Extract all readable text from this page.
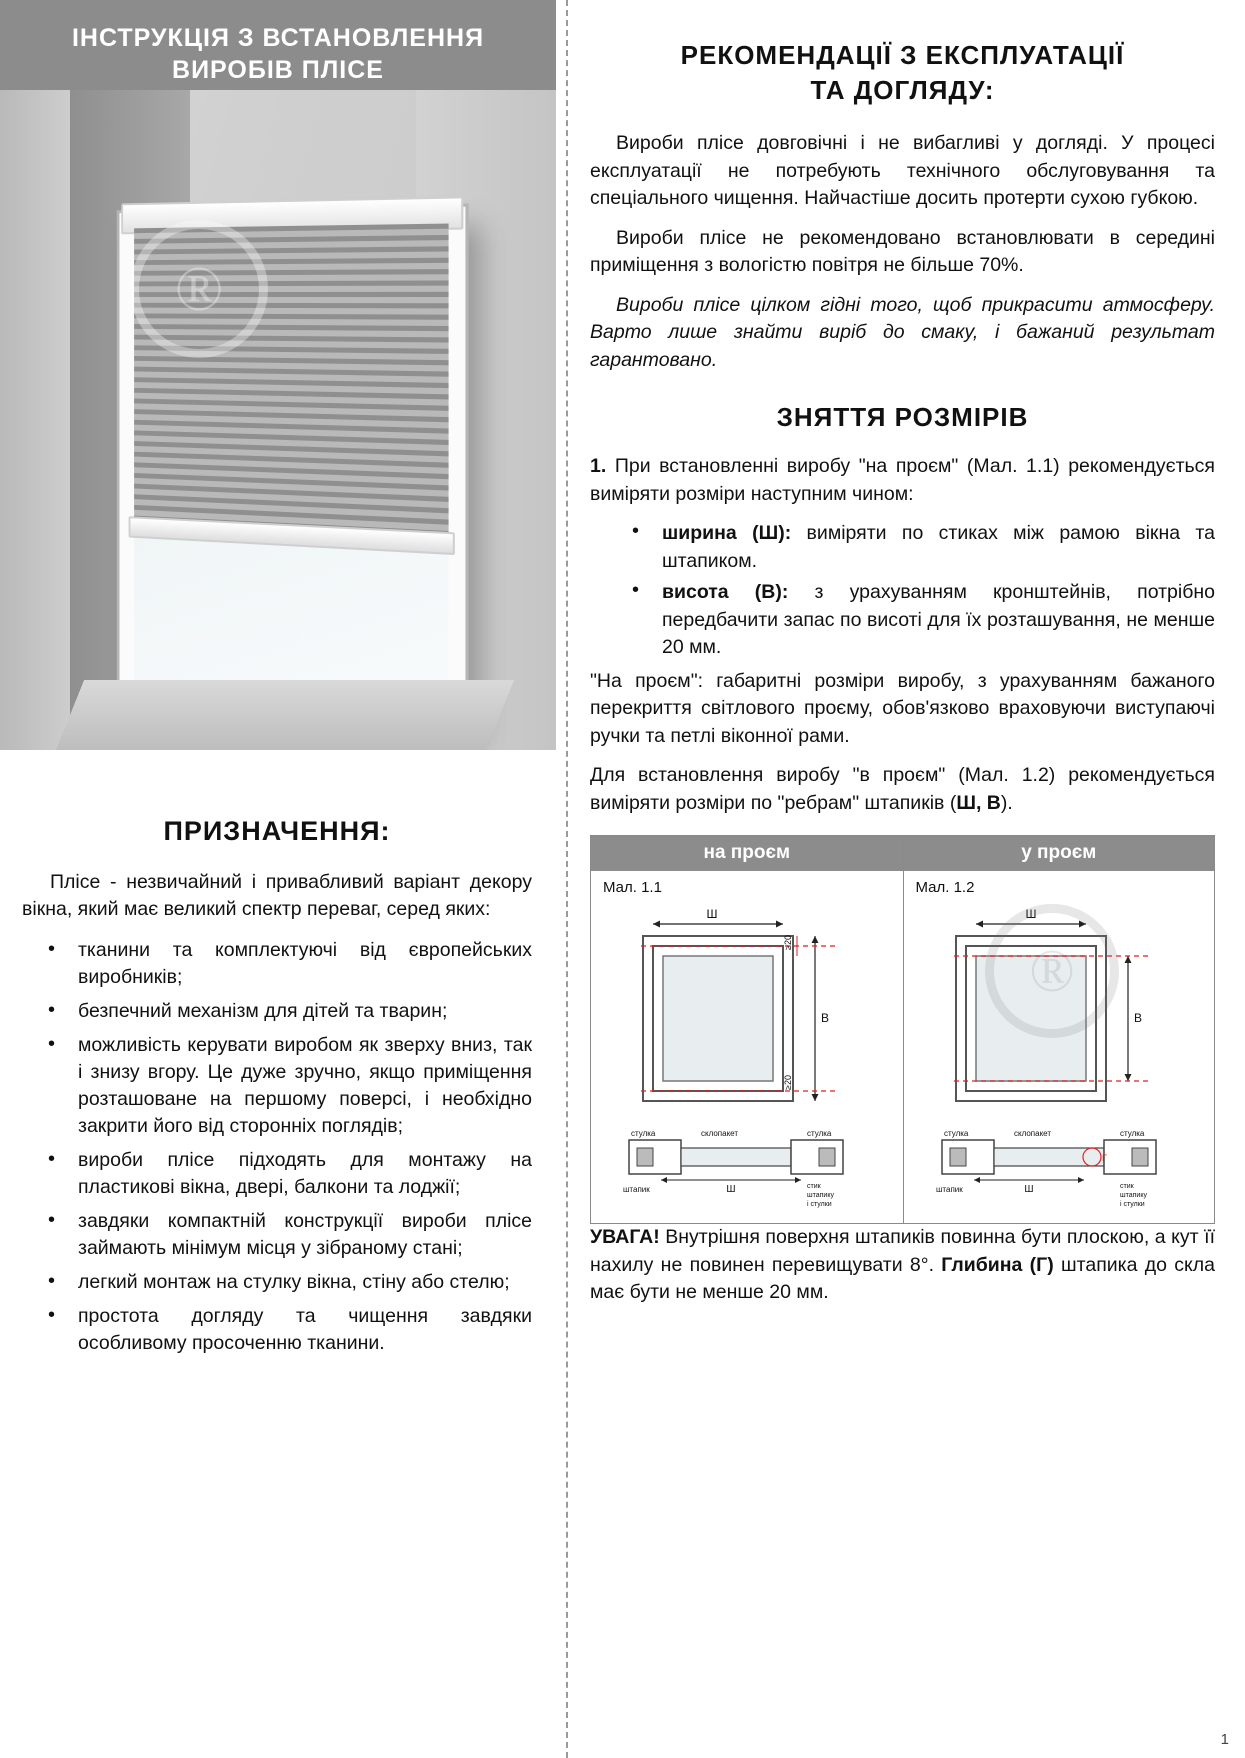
ІНСТРУКЦІЯ З ВСТАНОВЛЕННЯ
ВИРОБІВ ПЛІСЕ
®
ПРИЗНАЧЕННЯ:

Пліcе - незвичайний і привабливий варіант декору вікна, який має великий спектр переваг, серед яких:

• тканини та комплектуючі від європейських виробників;
• безпечний механізм для дітей та тварин;
• можливість керувати виробом як зверху вниз, так і знизу вгору. Це дуже зручно, якщо приміщення розташоване на першому поверсі, і необхідно закрити його від сторонніх поглядів;
• вироби пліcе підходять для монтажу на пластикові вікна, двері, балкони та лоджії;
• завдяки компактній конструкції вироби пліcе займають мінімум місця у зібраному стані;
• легкий монтаж на стулку вікна, стіну або стелю;
• простота догляду та чищення завдяки особливому просоченню тканини.
РЕКОМЕНДАЦІЇ З ЕКСПЛУАТАЦІЇ
ТА ДОГЛЯДУ:

Вироби пліcе довговічні і не вибагливі у догляді. У процесі експлуатації не потребують технічного обслуговування та спеціального чищення. Найчастіше досить протерти сухою губкою.

Вироби пліcе не рекомендовано встановлювати в середині приміщення з вологістю повітря не більше 70%.

Вироби пліcе цілком гідні того, щоб прикрасити атмосферу. Варто лише знайти виріб до смаку, і бажаний результат гарантовано.

ЗНЯТТЯ РОЗМІРІВ

1. При встановленні виробу "на проєм" (Мал. 1.1) рекомендується виміряти розміри наступним чином:

• ширина (Ш): виміряти по стиках між рамою вікна та штапиком.
• висота (В): з урахуванням кронштейнів, потрібно передбачити запас по висоті для їх розташування, не менше 20 мм.

"На проєм": габаритні розміри виробу, з урахуванням бажаного перекриття світлового проєму, обов'язково враховуючи виступаючі ручки та петлі віконної рами.

Для встановлення виробу "в проєм" (Мал. 1.2) рекомендується виміряти розміри по "ребрам" штапиків (Ш, В).

на проєм
Мал. 1.1
Ш
В
≥20
≥20
стулка	склопакет	стулка
штапик	Ш	стик
штапику
і стулки
у проєм
Мал. 1.2
Ш
В
стулка	склопакет	стулка
штапик
Г
Ш	стик
штапику
і стулки
®

УВАГА! Внутрішня поверхня штапиків повинна бути плоскою, а кут її нахилу не повинен перевищувати 8°. Глибина (Г) штапика до скла має бути не менше 20 мм.

1
